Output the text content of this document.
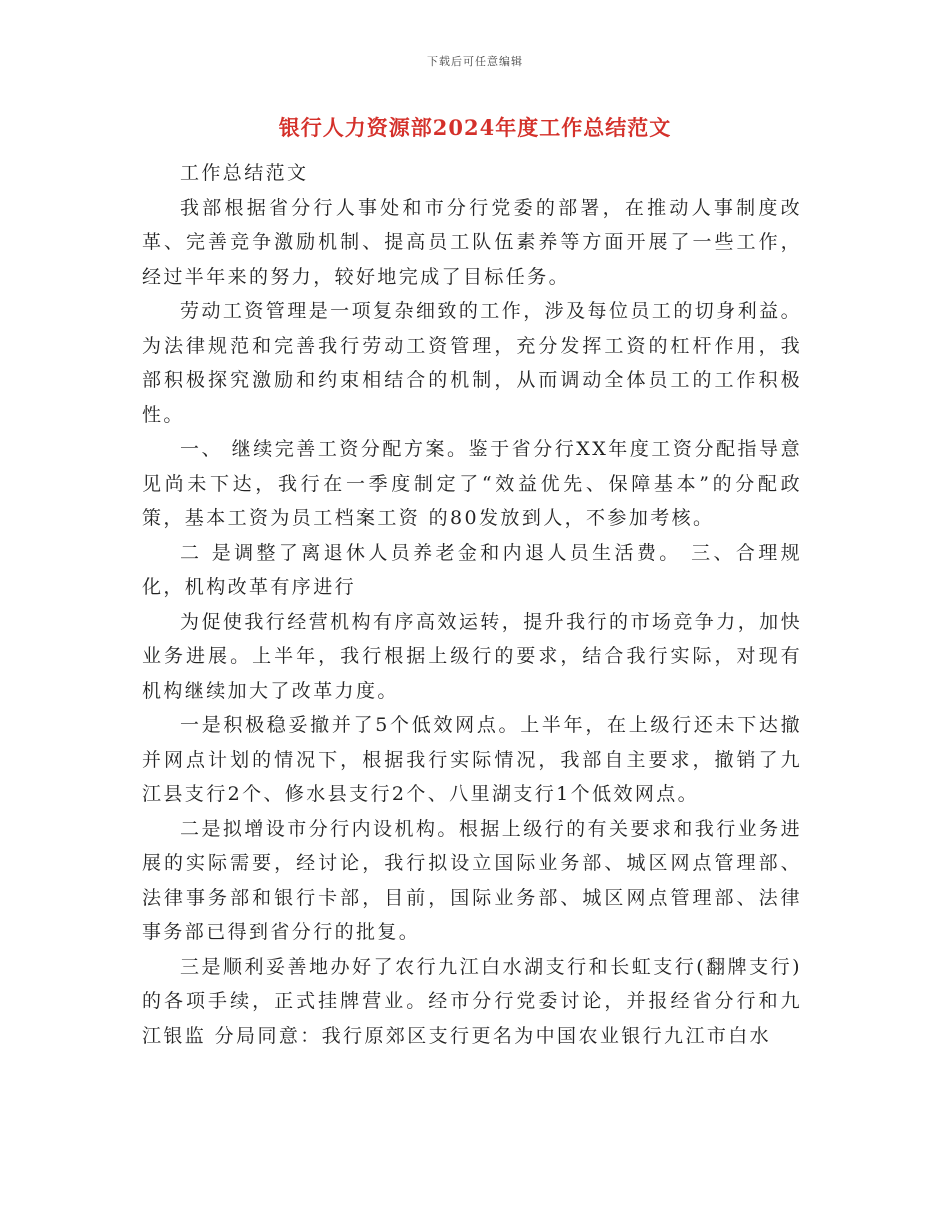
下载后可任意编辑
银行人力资源部2024年度工作总结范文

工作总结范文

我部根据省分行人事处和市分行党委的部署，在推动人事制度改革、完善竞争激励机制、提高员工队伍素养等方面开展了一些工作，经过半年来的努力，较好地完成了目标任务。

劳动工资管理是一项复杂细致的工作，涉及每位员工的切身利益。为法律规范和完善我行劳动工资管理，充分发挥工资的杠杆作用，我部积极探究激励和约束相结合的机制，从而调动全体员工的工作积极性。

一、 继续完善工资分配方案。鉴于省分行XX年度工资分配指导意见尚未下达，我行在一季度制定了“效益优先、保障基本”的分配政策，基本工资为员工档案工资 的80发放到人，不参加考核。

二 是调整了离退休人员养老金和内退人员生活费。 三、合理规化，机构改革有序进行

为促使我行经营机构有序高效运转，提升我行的市场竞争力，加快业务进展。上半年，我行根据上级行的要求，结合我行实际，对现有机构继续加大了改革力度。

一是积极稳妥撤并了5个低效网点。上半年，在上级行还未下达撤并网点计划的情况下，根据我行实际情况，我部自主要求，撤销了九江县支行2个、修水县支行2个、八里湖支行1个低效网点。

二是拟增设市分行内设机构。根据上级行的有关要求和我行业务进展的实际需要，经讨论，我行拟设立国际业务部、城区网点管理部、法律事务部和银行卡部，目前，国际业务部、城区网点管理部、法律事务部已得到省分行的批复。

三是顺利妥善地办好了农行九江白水湖支行和长虹支行(翻牌支行)的各项手续，正式挂牌营业。经市分行党委讨论，并报经省分行和九江银监 分局同意：我行原郊区支行更名为中国农业银行九江市白水
